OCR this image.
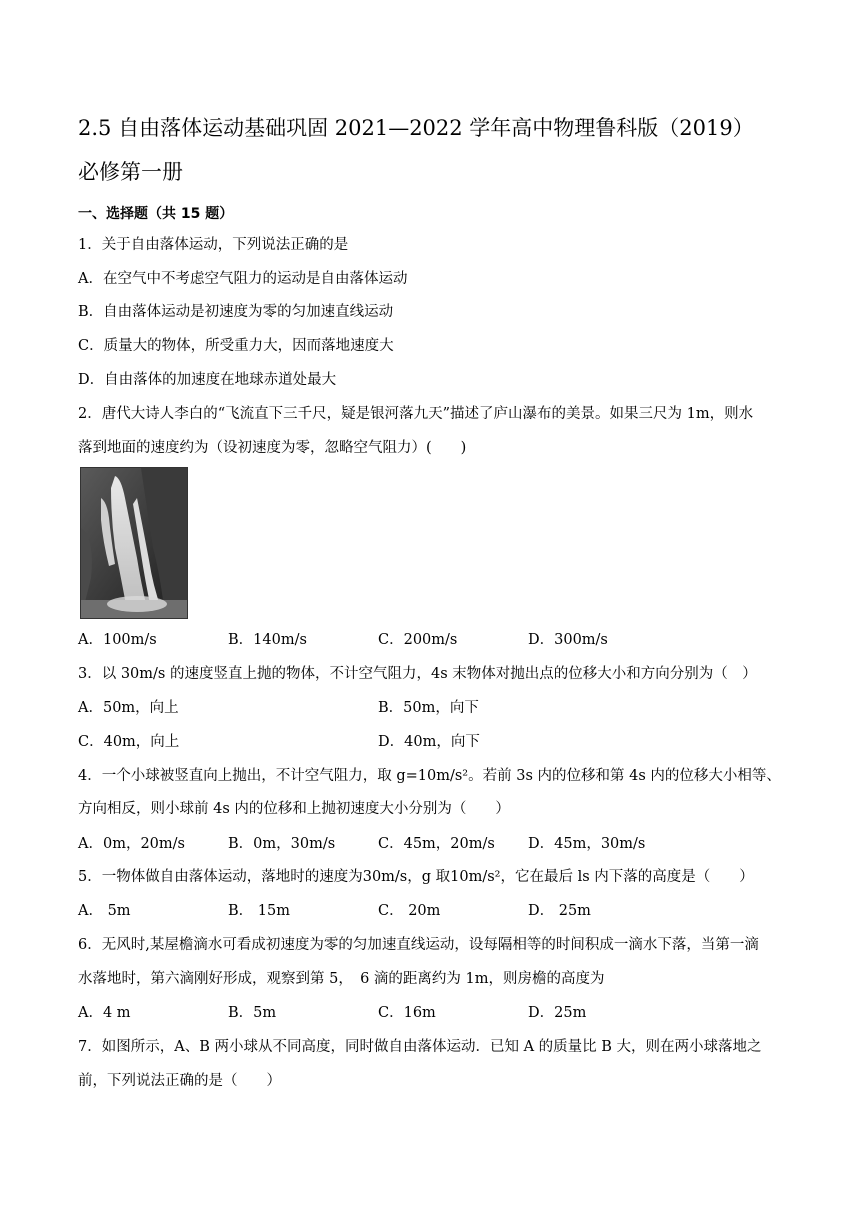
2.5 自由落体运动基础巩固 2021—2022 学年高中物理鲁科版（2019）
必修第一册
一、选择题（共 15 题）
1．关于自由落体运动，下列说法正确的是
A．在空气中不考虑空气阻力的运动是自由落体运动
B．自由落体运动是初速度为零的匀加速直线运动
C．质量大的物体，所受重力大，因而落地速度大
D．自由落体的加速度在地球赤道处最大
2．唐代大诗人李白的“飞流直下三千尺，疑是银河落九天”描述了庐山瀑布的美景。如果三尺为 1m，则水
落到地面的速度约为（设初速度为零，忽略空气阻力）(　　)
A．100m/s	B．140m/s	C．200m/s	D．300m/s
3．以 30m/s 的速度竖直上抛的物体，不计空气阻力，4s 末物体对抛出点的位移大小和方向分别为（　）
A．50m，向上	B．50m，向下
C．40m，向上	D．40m，向下
4．一个小球被竖直向上抛出，不计空气阻力，取 g=10m/s²。若前 3s 内的位移和第 4s 内的位移大小相等、
方向相反，则小球前 4s 内的位移和上抛初速度大小分别为（　　）
A．0m，20m/s	B．0m，30m/s	C．45m，20m/s D．45m，30m/s
5．一物体做自由落体运动，落地时的速度为30m/s，g 取10m/s²，它在最后 ls 内下落的高度是（　　）
A． 5m	B． 15m	C． 20m	D． 25m
6．无风时,某屋檐滴水可看成初速度为零的匀加速直线运动，设每隔相等的时间积成一滴水下落，当第一滴
水落地时，第六滴刚好形成，观察到第 5，　6 滴的距离约为 1m，则房檐的高度为
A．4 m	B．5m	C．16m	D．25m
7．如图所示，A、B 两小球从不同高度，同时做自由落体运动．已知 A 的质量比 B 大，则在两小球落地之
前，下列说法正确的是（　　）
